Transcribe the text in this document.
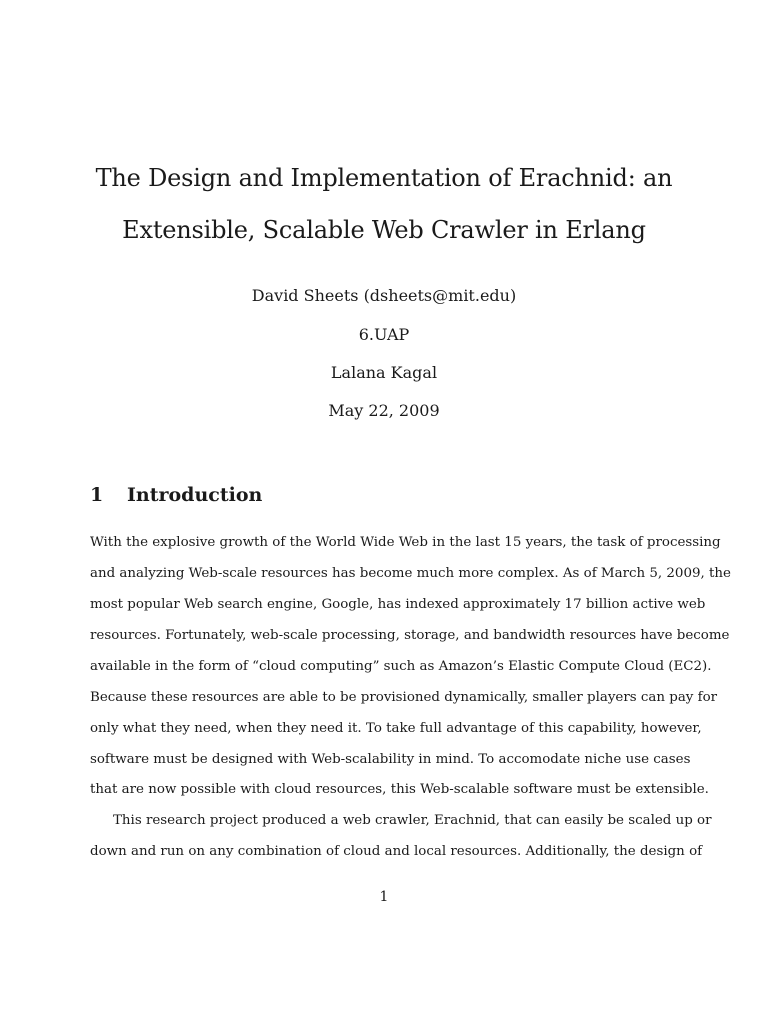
The Design and Implementation of Erachnid: an
Extensible, Scalable Web Crawler in Erlang

David Sheets (dsheets@mit.edu)

6.UAP

Lalana Kagal

May 22, 2009

1 Introduction

With the explosive growth of the World Wide Web in the last 15 years, the task of processing

and analyzing Web-scale resources has become much more complex. As of March 5, 2009, the

most popular Web search engine, Google, has indexed approximately 17 billion active web

resources. Fortunately, web-scale processing, storage, and bandwidth resources have become

available in the form of “cloud computing” such as Amazon’s Elastic Compute Cloud (EC2).

Because these resources are able to be provisioned dynamically, smaller players can pay for

only what they need, when they need it. To take full advantage of this capability, however,

software must be designed with Web-scalability in mind. To accomodate niche use cases

that are now possible with cloud resources, this Web-scalable software must be extensible.

This research project produced a web crawler, Erachnid, that can easily be scaled up or

down and run on any combination of cloud and local resources. Additionally, the design of

1
